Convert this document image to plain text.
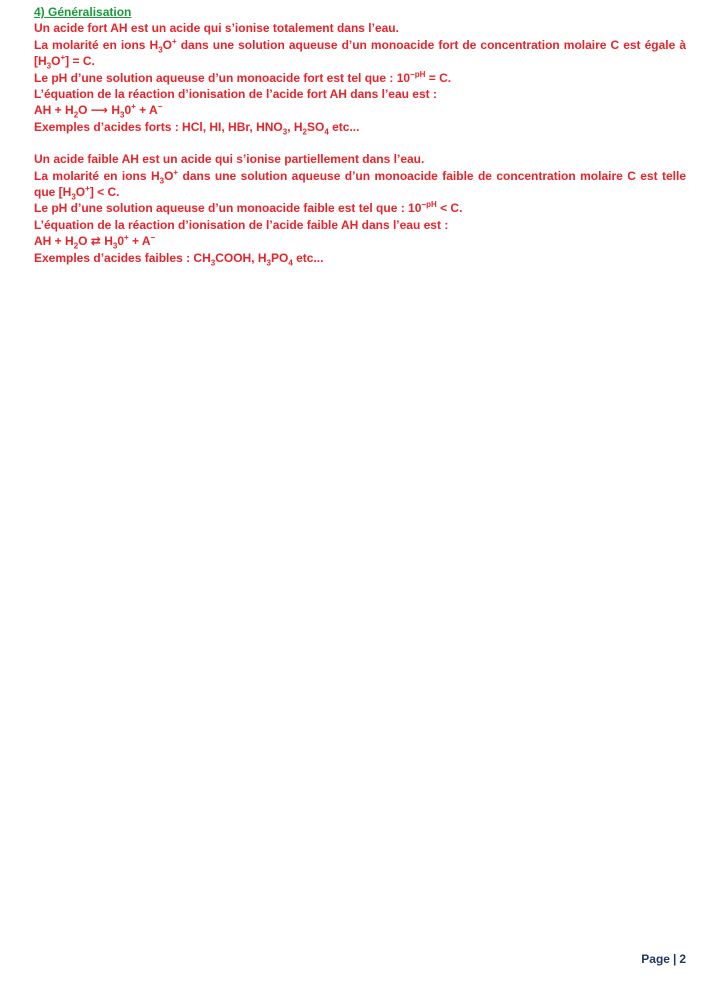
4) Généralisation

Un acide fort AH est un acide qui s’ionise totalement dans l’eau.

La molarité en ions $H_3O^+$ dans une solution aqueuse d’un monoacide fort de concentration molaire C est égale à $[H_3O^+] = C$.

Le pH d’une solution aqueuse d’un monoacide fort est tel que : $10^{-pH} = C$.

L’équation de la réaction d’ionisation de l’acide fort AH dans l’eau est :

AH + $H_2O$ ⟶ $H_30^+ + A^-$

Exemples d’acides forts : HCl, HI, HBr, $HNO_3$, $H_2SO_4$ etc...

Un acide faible AH est un acide qui s’ionise partiellement dans l’eau.

La molarité en ions $H_3O^+$ dans une solution aqueuse d’un monoacide faible de concentration molaire C est telle que $[H_3O^+] < C$.

Le pH d’une solution aqueuse d’un monoacide faible est tel que : $10^{-pH} < C$.

L’équation de la réaction d’ionisation de l’acide faible AH dans l’eau est :

AH + $H_2O$ ⇄ $H_30^+ + A^-$

Exemples d’acides faibles : $CH_3COOH$, $H_3PO_4$ etc...

Page | 2
